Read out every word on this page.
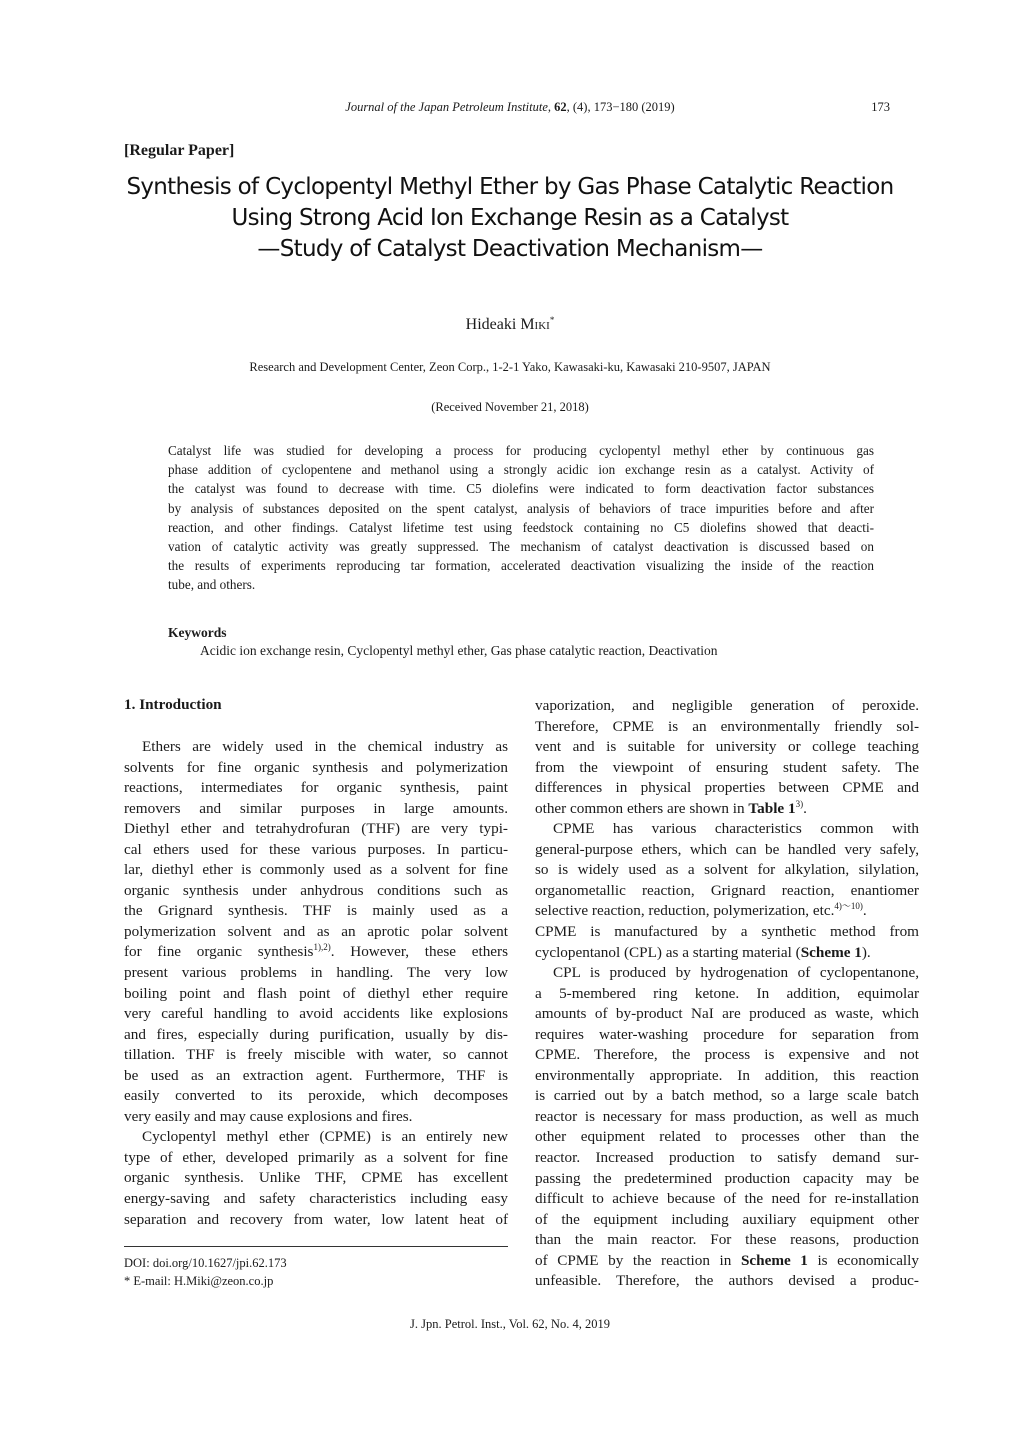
Journal of the Japan Petroleum Institute, 62, (4), 173−180 (2019)	173
[Regular Paper]
Synthesis of Cyclopentyl Methyl Ether by Gas Phase Catalytic Reaction
Using Strong Acid Ion Exchange Resin as a Catalyst
—Study of Catalyst Deactivation Mechanism—
Hideaki Miki*
Research and Development Center, Zeon Corp., 1-2-1 Yako, Kawasaki-ku, Kawasaki 210-9507, JAPAN
(Received November 21, 2018)
Catalyst life was studied for developing a process for producing cyclopentyl methyl ether by continuous gas
phase addition of cyclopentene and methanol using a strongly acidic ion exchange resin as a catalyst. Activity of
the catalyst was found to decrease with time. C5 diolefins were indicated to form deactivation factor substances
by analysis of substances deposited on the spent catalyst, analysis of behaviors of trace impurities before and after
reaction, and other findings. Catalyst lifetime test using feedstock containing no C5 diolefins showed that deacti-
vation of catalytic activity was greatly suppressed. The mechanism of catalyst deactivation is discussed based on
the results of experiments reproducing tar formation, accelerated deactivation visualizing the inside of the reaction
tube, and others.
Keywords
Acidic ion exchange resin, Cyclopentyl methyl ether, Gas phase catalytic reaction, Deactivation
1. Introduction
Ethers are widely used in the chemical industry as
solvents for fine organic synthesis and polymerization
reactions, intermediates for organic synthesis, paint
removers and similar purposes in large amounts.
Diethyl ether and tetrahydrofuran (THF) are very typi-
cal ethers used for these various purposes. In particu-
lar, diethyl ether is commonly used as a solvent for fine
organic synthesis under anhydrous conditions such as
the Grignard synthesis. THF is mainly used as a
polymerization solvent and as an aprotic polar solvent
for fine organic synthesis$^{1),2)}$. However, these ethers
present various problems in handling. The very low
boiling point and flash point of diethyl ether require
very careful handling to avoid accidents like explosions
and fires, especially during purification, usually by dis-
tillation. THF is freely miscible with water, so cannot
be used as an extraction agent. Furthermore, THF is
easily converted to its peroxide, which decomposes
very easily and may cause explosions and fires.
Cyclopentyl methyl ether (CPME) is an entirely new
type of ether, developed primarily as a solvent for fine
organic synthesis. Unlike THF, CPME has excellent
energy-saving and safety characteristics including easy
separation and recovery from water, low latent heat of
vaporization, and negligible generation of peroxide.
Therefore, CPME is an environmentally friendly sol-
vent and is suitable for university or college teaching
from the viewpoint of ensuring student safety. The
differences in physical properties between CPME and
other common ethers are shown in Table 1$^{3)}$.
CPME has various characteristics common with
general-purpose ethers, which can be handled very safely,
so is widely used as a solvent for alkylation, silylation,
organometallic reaction, Grignard reaction, enantiomer
selective reaction, reduction, polymerization, etc.$^{4)\sim 10)}$.
CPME is manufactured by a synthetic method from
cyclopentanol (CPL) as a starting material (Scheme 1).
CPL is produced by hydrogenation of cyclopentanone,
a 5-membered ring ketone. In addition, equimolar
amounts of by-product NaI are produced as waste, which
requires water-washing procedure for separation from
CPME. Therefore, the process is expensive and not
environmentally appropriate. In addition, this reaction
is carried out by a batch method, so a large scale batch
reactor is necessary for mass production, as well as much
other equipment related to processes other than the
reactor. Increased production to satisfy demand sur-
passing the predetermined production capacity may be
difficult to achieve because of the need for re-installation
of the equipment including auxiliary equipment other
than the main reactor. For these reasons, production
of CPME by the reaction in Scheme 1 is economically
unfeasible. Therefore, the authors devised a produc-
DOI: doi.org/10.1627/jpi.62.173
* E-mail: H.Miki@zeon.co.jp
J. Jpn. Petrol. Inst., Vol. 62, No. 4, 2019
